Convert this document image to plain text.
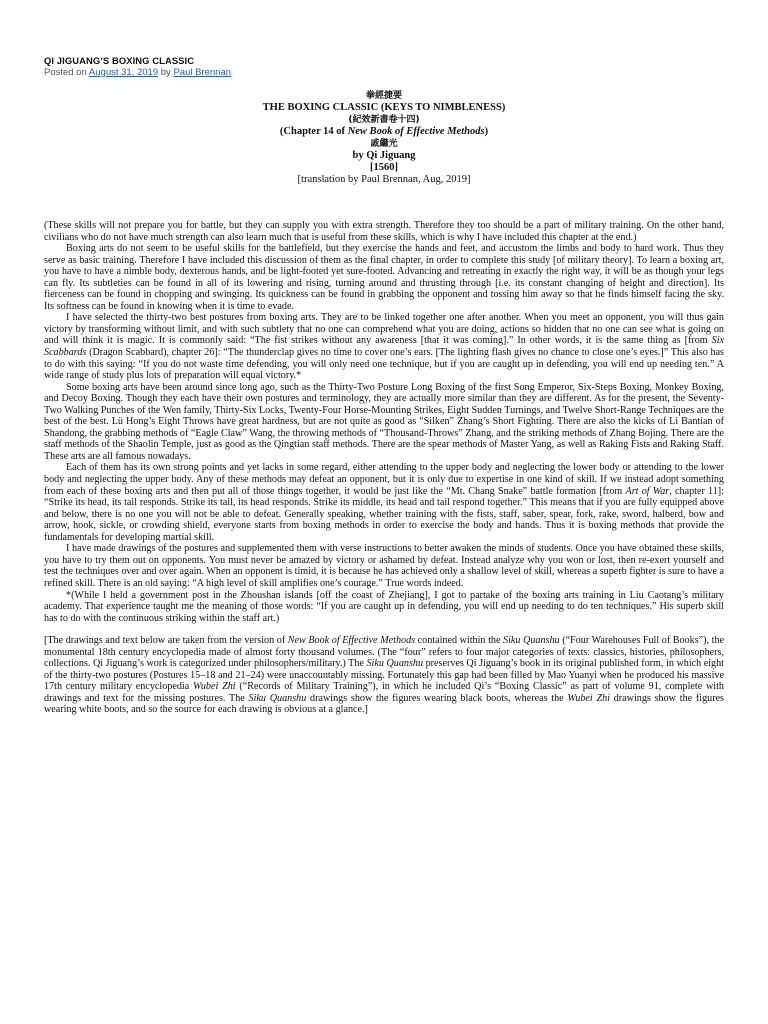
QI JIGUANG’S BOXING CLASSIC
Posted on August 31, 2019 by Paul Brennan
拳經捷要
THE BOXING CLASSIC (KEYS TO NIMBLENESS)
(紀效新書卷十四)
(Chapter 14 of New Book of Effective Methods)
戚繼光
by Qi Jiguang
[1560]
[translation by Paul Brennan, Aug, 2019]

(These skills will not prepare you for battle, but they can supply you with extra strength. Therefore they too should be a part of military training. On the other hand, civilians who do not have much strength can also learn much that is useful from these skills, which is why I have included this chapter at the end.)

Boxing arts do not seem to be useful skills for the battlefield, but they exercise the hands and feet, and accustom the limbs and body to hard work. Thus they serve as basic training. Therefore I have included this discussion of them as the final chapter, in order to complete this study [of military theory]. To learn a boxing art, you have to have a nimble body, dexterous hands, and be light-footed yet sure-footed. Advancing and retreating in exactly the right way, it will be as though your legs can fly. Its subtleties can be found in all of its lowering and rising, turning around and thrusting through [i.e. its constant changing of height and direction]. Its fierceness can be found in chopping and swinging. Its quickness can be found in grabbing the opponent and tossing him away so that he finds himself facing the sky. Its softness can be found in knowing when it is time to evade.

I have selected the thirty-two best postures from boxing arts. They are to be linked together one after another. When you meet an opponent, you will thus gain victory by transforming without limit, and with such subtlety that no one can comprehend what you are doing, actions so hidden that no one can see what is going on and will think it is magic. It is commonly said: “The fist strikes without any awareness [that it was coming].” In other words, it is the same thing as [from Six Scabbards (Dragon Scabbard), chapter 26]: “The thunderclap gives no time to cover one’s ears. [The lighting flash gives no chance to close one’s eyes.]” This also has to do with this saying: “If you do not waste time defending, you will only need one technique, but if you are caught up in defending, you will end up needing ten.” A wide range of study plus lots of preparation will equal victory.*

Some boxing arts have been around since long ago, such as the Thirty-Two Posture Long Boxing of the first Song Emperor, Six-Steps Boxing, Monkey Boxing, and Decoy Boxing. Though they each have their own postures and terminology, they are actually more similar than they are different. As for the present, the Seventy-Two Walking Punches of the Wen family, Thirty-Six Locks, Twenty-Four Horse-Mounting Strikes, Eight Sudden Turnings, and Twelve Short-Range Techniques are the best of the best. Lü Hong’s Eight Throws have great hardness, but are not quite as good as “Silken” Zhang’s Short Fighting. There are also the kicks of Li Bantian of Shandong, the grabbing methods of “Eagle Claw” Wang, the throwing methods of “Thousand-Throws” Zhang, and the striking methods of Zhang Bojing. There are the staff methods of the Shaolin Temple, just as good as the Qingtian staff methods. There are the spear methods of Master Yang, as well as Raking Fists and Raking Staff. These arts are all famous nowadays.

Each of them has its own strong points and yet lacks in some regard, either attending to the upper body and neglecting the lower body or attending to the lower body and neglecting the upper body. Any of these methods may defeat an opponent, but it is only due to expertise in one kind of skill. If we instead adopt something from each of these boxing arts and then put all of those things together, it would be just like the “Mt. Chang Snake” battle formation [from Art of War, chapter 11]: “Strike its head, its tail responds. Strike its tail, its head responds. Strike its middle, its head and tail respond together.” This means that if you are fully equipped above and below, there is no one you will not be able to defeat. Generally speaking, whether training with the fists, staff, saber, spear, fork, rake, sword, halberd, bow and arrow, hook, sickle, or crowding shield, everyone starts from boxing methods in order to exercise the body and hands. Thus it is boxing methods that provide the fundamentals for developing martial skill.

I have made drawings of the postures and supplemented them with verse instructions to better awaken the minds of students. Once you have obtained these skills, you have to try them out on opponents. You must never be amazed by victory or ashamed by defeat. Instead analyze why you won or lost, then re-exert yourself and test the techniques over and over again. When an opponent is timid, it is because he has achieved only a shallow level of skill, whereas a superb fighter is sure to have a refined skill. There is an old saying: “A high level of skill amplifies one’s courage.” True words indeed.

*(While I held a government post in the Zhoushan islands [off the coast of Zhejiang], I got to partake of the boxing arts training in Liu Caotang’s military academy. That experience taught me the meaning of those words: “If you are caught up in defending, you will end up needing to do ten techniques.” His superb skill has to do with the continuous striking within the staff art.)

[The drawings and text below are taken from the version of New Book of Effective Methods contained within the Siku Quanshu (“Four Warehouses Full of Books”), the monumental 18th century encyclopedia made of almost forty thousand volumes. (The “four” refers to four major categories of texts: classics, histories, philosophers, collections. Qi Jiguang’s work is categorized under philosophers/military.) The Siku Quanshu preserves Qi Jiguang’s book in its original published form, in which eight of the thirty-two postures (Postures 15–18 and 21–24) were unaccountably missing. Fortunately this gap had been filled by Mao Yuanyi when he produced his massive 17th century military encyclopedia Wubei Zhi (“Records of Military Training”), in which he included Qi’s “Boxing Classic” as part of volume 91, complete with drawings and text for the missing postures. The Siku Quanshu drawings show the figures wearing black boots, whereas the Wubei Zhi drawings show the figures wearing white boots, and so the source for each drawing is obvious at a glance.]
